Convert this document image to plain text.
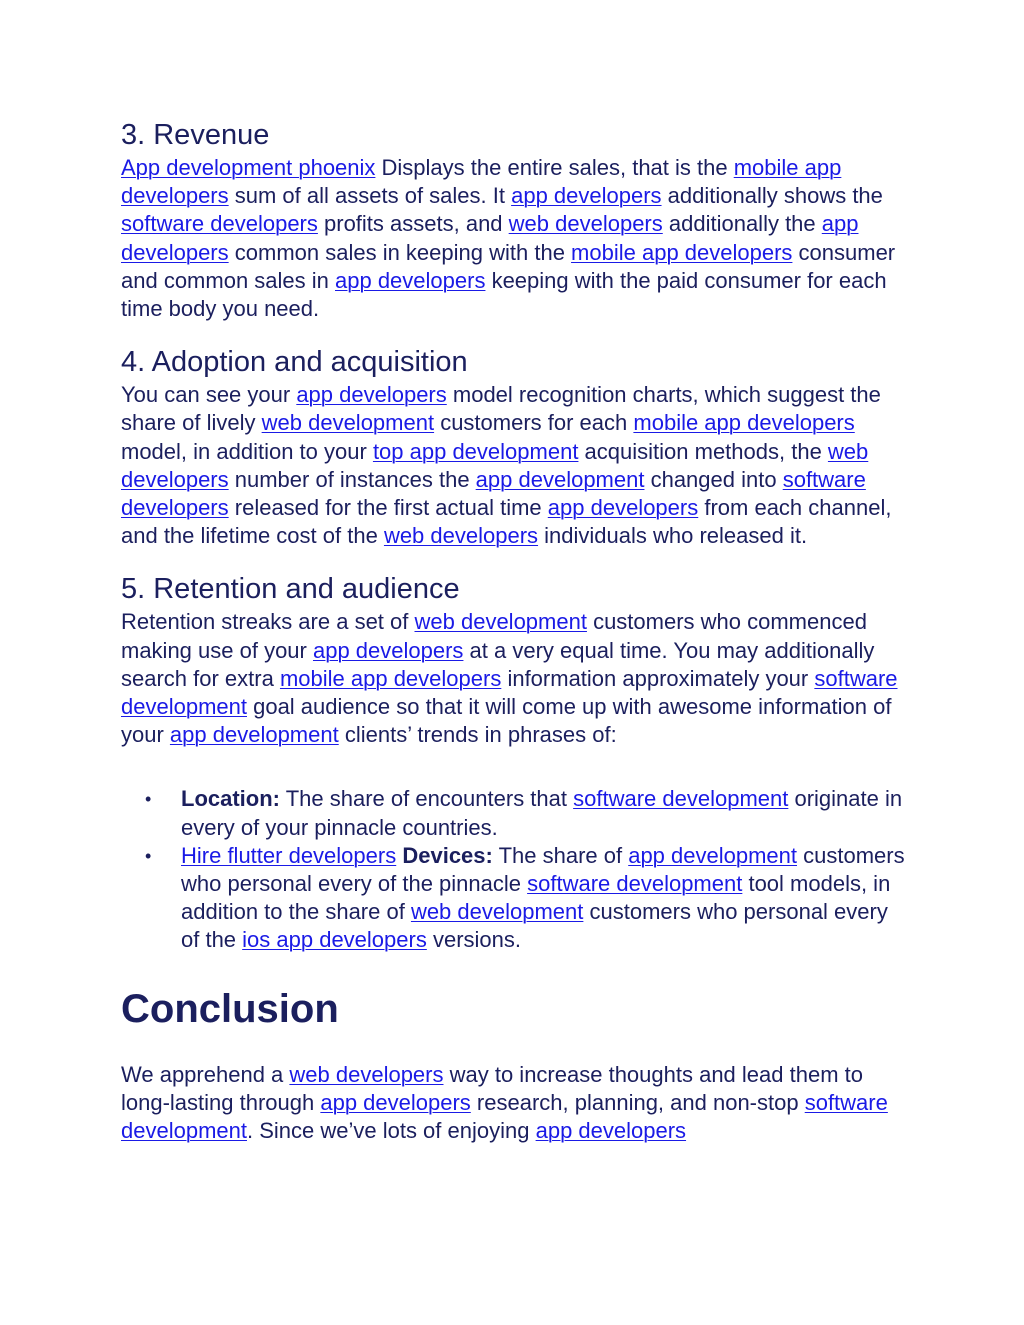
3. Revenue

App development phoenix Displays the entire sales, that is the mobile app developers sum of all assets of sales. It app developers additionally shows the software developers profits assets, and web developers additionally the app developers common sales in keeping with the mobile app developers consumer and common sales in app developers keeping with the paid consumer for each time body you need.

4. Adoption and acquisition

You can see your app developers model recognition charts, which suggest the share of lively web development customers for each mobile app developers model, in addition to your top app development acquisition methods, the web developers number of instances the app development changed into software developers released for the first actual time app developers from each channel, and the lifetime cost of the web developers individuals who released it.

5. Retention and audience

Retention streaks are a set of web development customers who commenced making use of your app developers at a very equal time. You may additionally search for extra mobile app developers information approximately your software development goal audience so that it will come up with awesome information of your app development clients’ trends in phrases of:

• Location: The share of encounters that software development originate in every of your pinnacle countries.
• Hire flutter developers Devices: The share of app development customers who personal every of the pinnacle software development tool models, in addition to the share of web development customers who personal every of the ios app developers versions.
Conclusion

We apprehend a web developers way to increase thoughts and lead them to long-lasting through app developers research, planning, and non-stop software development. Since we’ve lots of enjoying app developers
